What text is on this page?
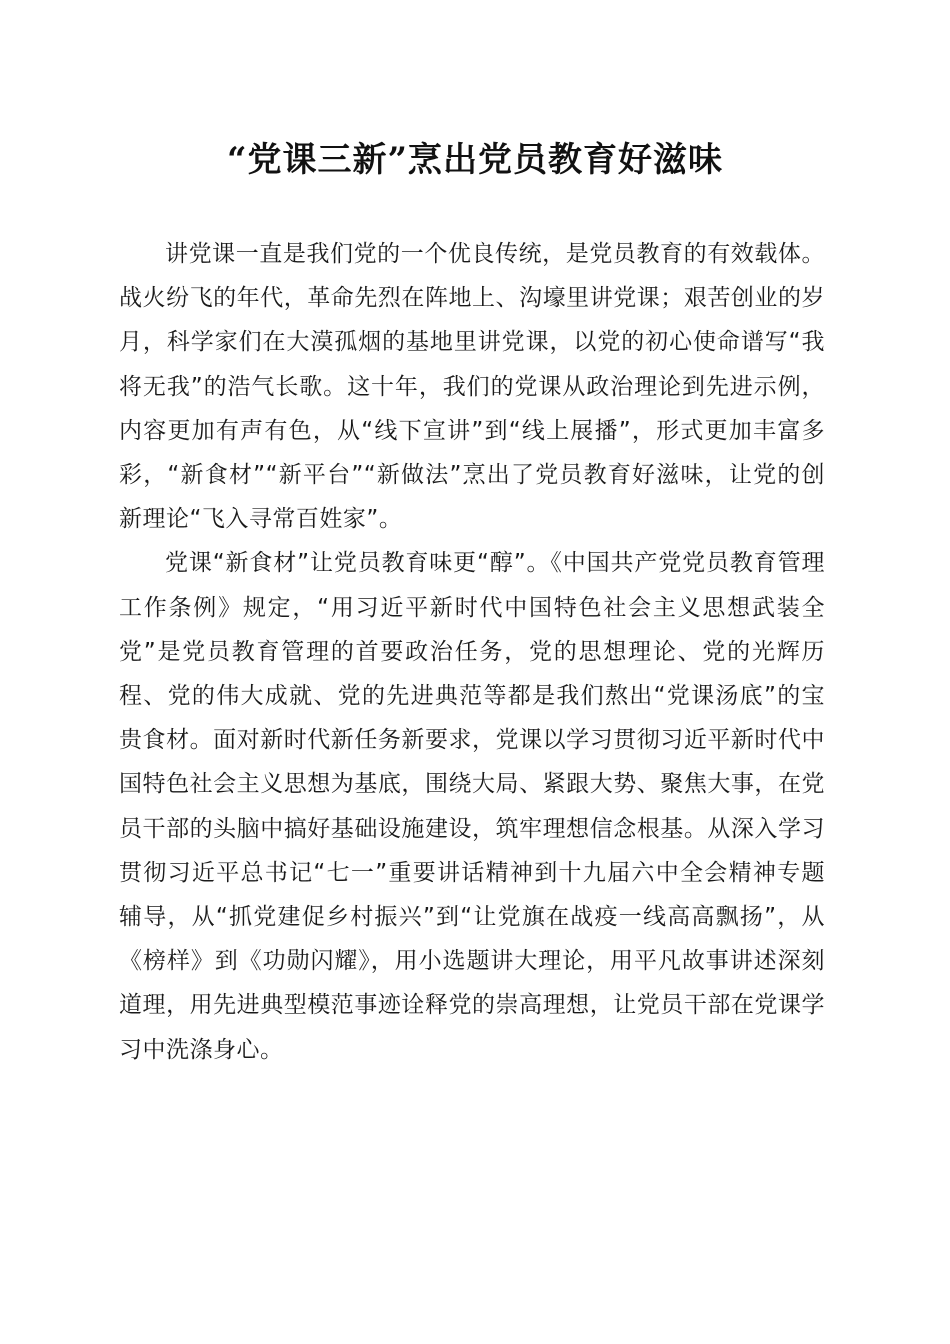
“党课三新”烹出党员教育好滋味

讲党课一直是我们党的一个优良传统，是党员教育的有效载体。战火纷飞的年代，革命先烈在阵地上、沟壕里讲党课；艰苦创业的岁月，科学家们在大漠孤烟的基地里讲党课，以党的初心使命谱写“我将无我”的浩气长歌。这十年，我们的党课从政治理论到先进示例，内容更加有声有色，从“线下宣讲”到“线上展播”，形式更加丰富多彩，“新食材”“新平台”“新做法”烹出了党员教育好滋味，让党的创新理论“飞入寻常百姓家”。

党课“新食材”让党员教育味更“醇”。《中国共产党党员教育管理工作条例》规定，“用习近平新时代中国特色社会主义思想武装全党”是党员教育管理的首要政治任务，党的思想理论、党的光辉历程、党的伟大成就、党的先进典范等都是我们熬出“党课汤底”的宝贵食材。面对新时代新任务新要求，党课以学习贯彻习近平新时代中国特色社会主义思想为基底，围绕大局、紧跟大势、聚焦大事，在党员干部的头脑中搞好基础设施建设，筑牢理想信念根基。从深入学习贯彻习近平总书记“七一”重要讲话精神到十九届六中全会精神专题辅导，从“抓党建促乡村振兴”到“让党旗在战疫一线高高飘扬”，从《榜样》到《功勋闪耀》，用小选题讲大理论，用平凡故事讲述深刻道理，用先进典型模范事迹诠释党的崇高理想，让党员干部在党课学习中洗涤身心。
